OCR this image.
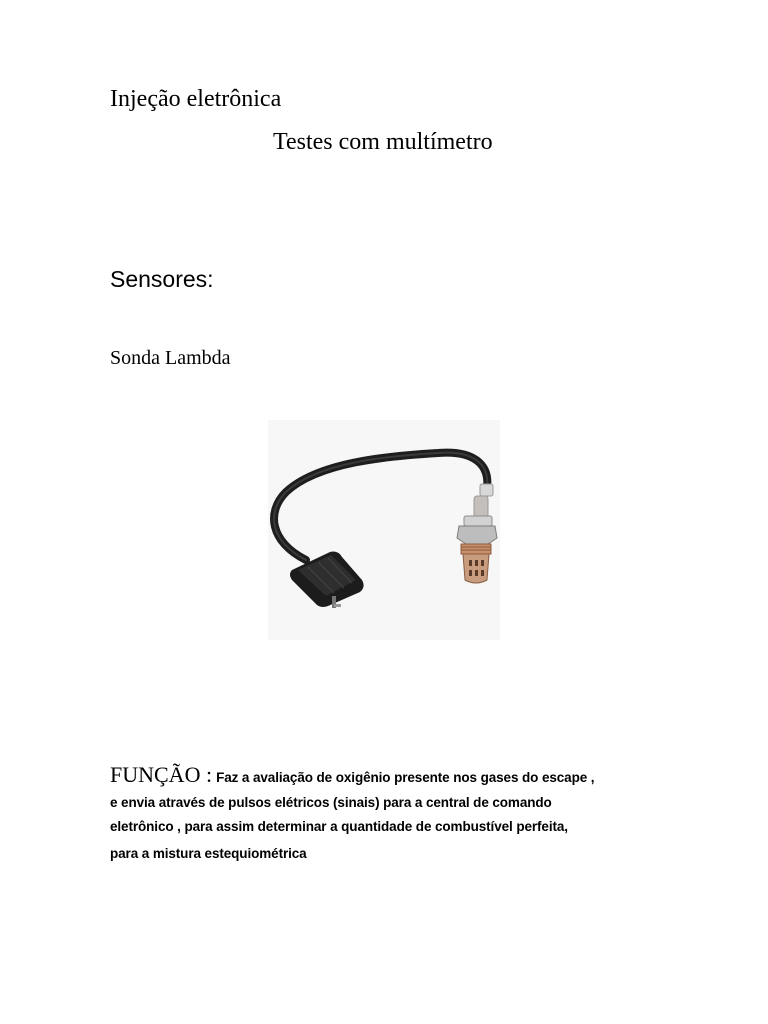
Injeção eletrônica
Testes com multímetro
Sensores:
Sonda Lambda
FUNÇÃO : Faz a avaliação de oxigênio presente nos gases do escape ,
e envia através de pulsos elétricos (sinais) para a central de comando
eletrônico , para assim determinar a quantidade de combustível perfeita,
para a mistura estequiométrica
